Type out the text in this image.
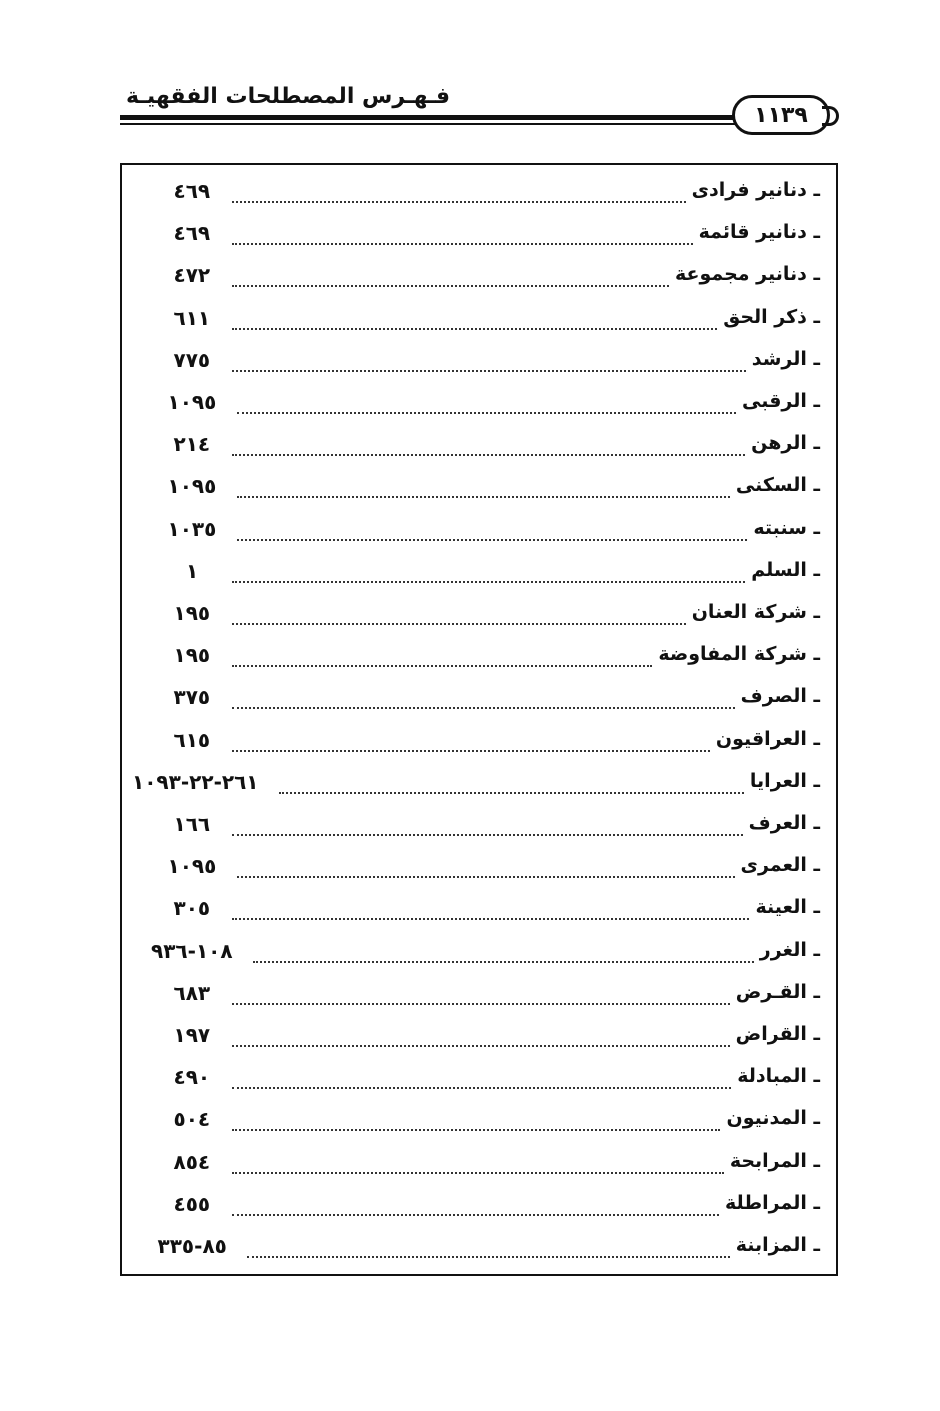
فـهـرس المصطلحات الفقهيـة
١١٣٩
٤٦٩	ـ دنانير فرادى
٤٦٩	ـ دنانير قائمة
٤٧٢	ـ دنانير مجموعة
٦١١	ـ ذكر الحق
٧٧٥	ـ الرشد
١٠٩٥	ـ الرقبى
٢١٤	ـ الرهن
١٠٩٥	ـ السكنى
١٠٣٥	ـ سنبته
١	ـ السلم
١٩٥	ـ شركة العنان
١٩٥	ـ شركة المفاوضة
٣٧٥	ـ الصرف
٦١٥	ـ العراقيون
٢٦١-٢٢-١٠٩٣	ـ العرايا
١٦٦	ـ العرف
١٠٩٥	ـ العمرى
٣٠٥	ـ العينة
١٠٨-٩٣٦	ـ الغرر
٦٨٣	ـ القـرض
١٩٧	ـ القراض
٤٩٠	ـ المبادلة
٥٠٤	ـ المدنيون
٨٥٤	ـ المرابحة
٤٥٥	ـ المراطلة
٨٥-٣٣٥	ـ المزابنة
